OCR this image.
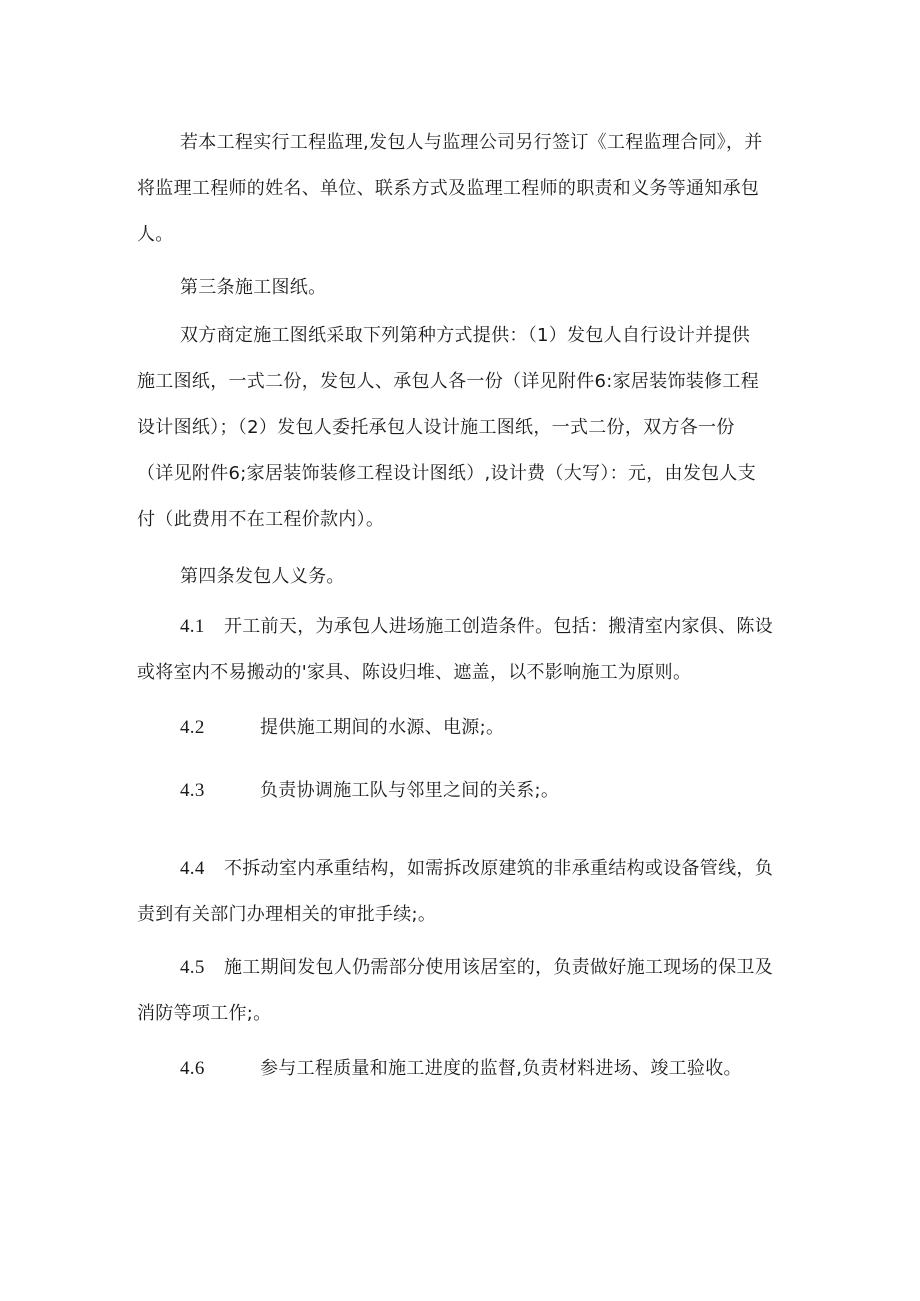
若本工程实行工程监理,发包人与监理公司另行签订《工程监理合同》，并
将监理工程师的姓名、单位、联系方式及监理工程师的职责和义务等通知承包
人。

第三条施工图纸。

双方商定施工图纸采取下列第种方式提供：（1）发包人自行设计并提供
施工图纸，一式二份，发包人、承包人各一份（详见附件6:家居装饰装修工程
设计图纸）；（2）发包人委托承包人设计施工图纸，一式二份，双方各一份
（详见附件6;家居装饰装修工程设计图纸）,设计费（大写）：元，由发包人支
付（此费用不在工程价款内）。

第四条发包人义务。

4.1 开工前天，为承包人进场施工创造条件。包括：搬清室内家俱、陈设
或将室内不易搬动的'家具、陈设归堆、遮盖，以不影响施工为原则。
4.2	提供施工期间的水源、电源;。
4.3	负责协调施工队与邻里之间的关系;。
4.4 不拆动室内承重结构，如需拆改原建筑的非承重结构或设备管线，负
责到有关部门办理相关的审批手续;。
4.5 施工期间发包人仍需部分使用该居室的，负责做好施工现场的保卫及
消防等项工作;。
4.6	参与工程质量和施工进度的监督,负责材料进场、竣工验收。
